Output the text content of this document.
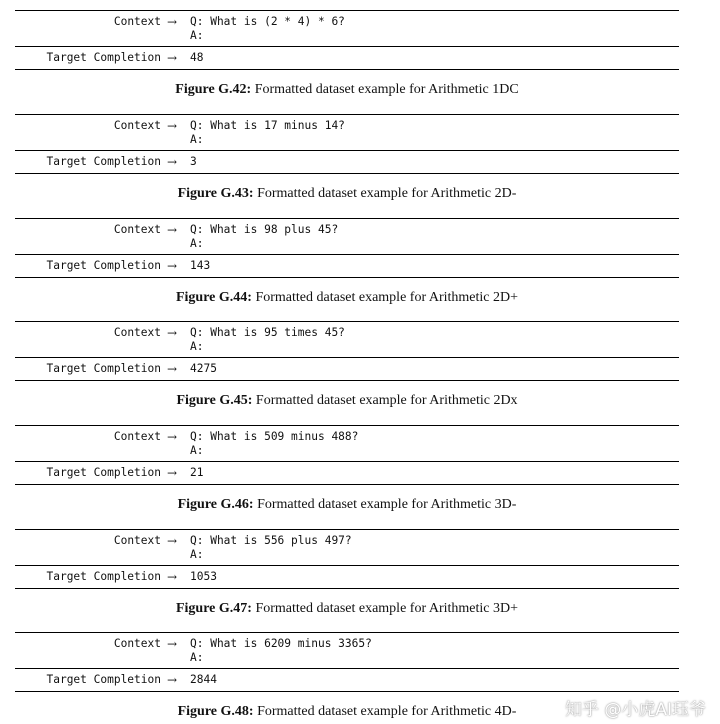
Context →	Q: What is (2 * 4) * 6?
A:
Target Completion →	48
Figure G.42: Formatted dataset example for Arithmetic 1DC
Context →	Q: What is 17 minus 14?
A:
Target Completion →	3
Figure G.43: Formatted dataset example for Arithmetic 2D-
Context →	Q: What is 98 plus 45?
A:
Target Completion →	143
Figure G.44: Formatted dataset example for Arithmetic 2D+
Context →	Q: What is 95 times 45?
A:
Target Completion →	4275
Figure G.45: Formatted dataset example for Arithmetic 2Dx
Context →	Q: What is 509 minus 488?
A:
Target Completion →	21
Figure G.46: Formatted dataset example for Arithmetic 3D-
Context →	Q: What is 556 plus 497?
A:
Target Completion →	1053
Figure G.47: Formatted dataset example for Arithmetic 3D+
Context →	Q: What is 6209 minus 3365?
A:
Target Completion →	2844
Figure G.48: Formatted dataset example for Arithmetic 4D-	知乎 @小虎AI珏爷
